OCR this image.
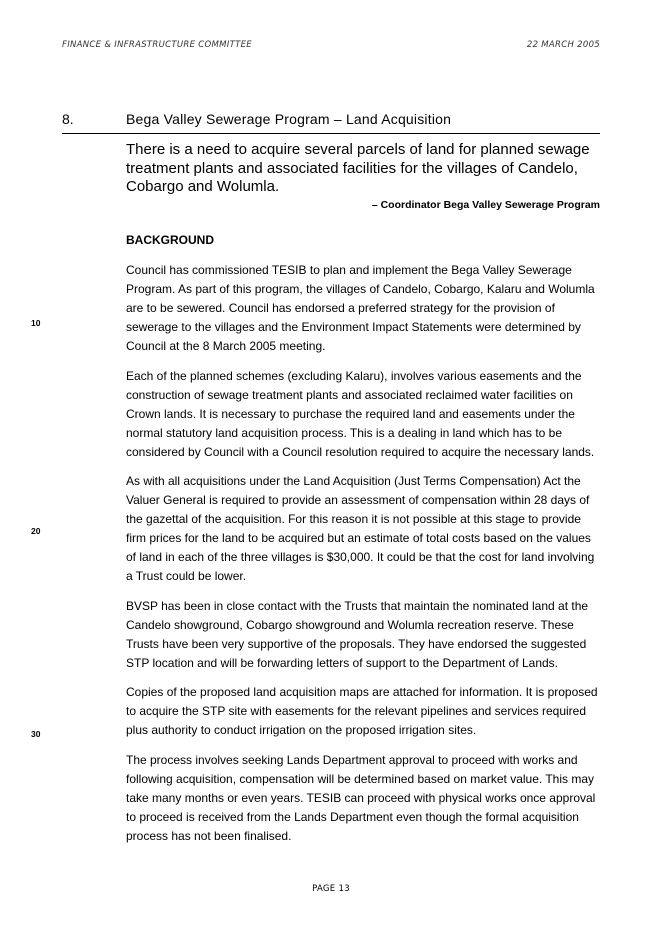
FINANCE & INFRASTRUCTURE COMMITTEE	22 MARCH 2005
8.	Bega Valley Sewerage Program – Land Acquisition
There is a need to acquire several parcels of land for planned sewage treatment plants and associated facilities for the villages of Candelo, Cobargo and Wolumla.
– Coordinator Bega Valley Sewerage Program
BACKGROUND

Council has commissioned TESIB to plan and implement the Bega Valley Sewerage Program. As part of this program, the villages of Candelo, Cobargo, Kalaru and Wolumla are to be sewered. Council has endorsed a preferred strategy for the provision of sewerage to the villages and the Environment Impact Statements were determined by Council at the 8 March 2005 meeting.

Each of the planned schemes (excluding Kalaru), involves various easements and the construction of sewage treatment plants and associated reclaimed water facilities on Crown lands. It is necessary to purchase the required land and easements under the normal statutory land acquisition process. This is a dealing in land which has to be considered by Council with a Council resolution required to acquire the necessary lands.

As with all acquisitions under the Land Acquisition (Just Terms Compensation) Act the Valuer General is required to provide an assessment of compensation within 28 days of the gazettal of the acquisition. For this reason it is not possible at this stage to provide firm prices for the land to be acquired but an estimate of total costs based on the values of land in each of the three villages is $30,000. It could be that the cost for land involving a Trust could be lower.

BVSP has been in close contact with the Trusts that maintain the nominated land at the Candelo showground, Cobargo showground and Wolumla recreation reserve. These Trusts have been very supportive of the proposals. They have endorsed the suggested STP location and will be forwarding letters of support to the Department of Lands.

Copies of the proposed land acquisition maps are attached for information. It is proposed to acquire the STP site with easements for the relevant pipelines and services required plus authority to conduct irrigation on the proposed irrigation sites.

The process involves seeking Lands Department approval to proceed with works and following acquisition, compensation will be determined based on market value. This may take many months or even years. TESIB can proceed with physical works once approval to proceed is received from the Lands Department even though the formal acquisition process has not been finalised.

10
20
30
PAGE 13
